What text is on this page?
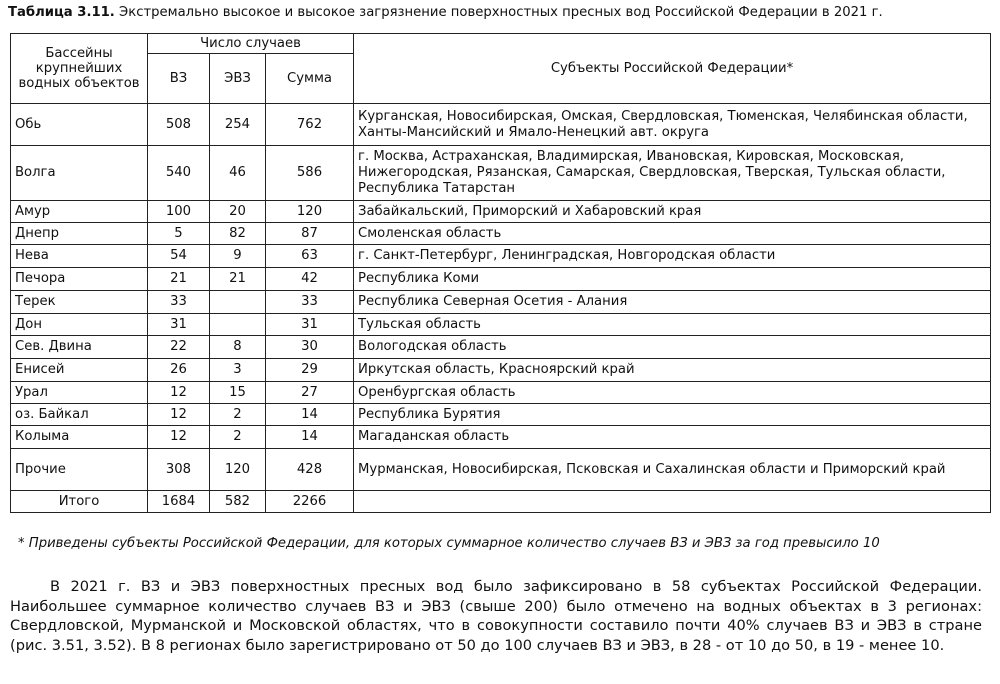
Таблица 3.11. Экстремально высокое и высокое загрязнение поверхностных пресных вод Российской Федерации в 2021 г.
Бассейны крупнейших водных объектов	Число случаев			Субъекты Российской Федерации*
	ВЗ	ЭВЗ	Сумма	
Обь	508	254	762	Курганская, Новосибирская, Омская, Свердловская, Тюменская, Челябинская области, Ханты-Мансийский и Ямало-Ненецкий авт. округа
Волга	540	46	586	г. Москва, Астраханская, Владимирская, Ивановская, Кировская, Московская, Нижегородская, Рязанская, Самарская, Свердловская, Тверская, Тульская области, Республика Татарстан
Амур	100	20	120	Забайкальский, Приморский и Хабаровский края
Днепр	5	82	87	Смоленская область
Нева	54	9	63	г. Санкт-Петербург, Ленинградская, Новгородская области
Печора	21	21	42	Республика Коми
Терек	33		33	Республика Северная Осетия - Алания
Дон	31		31	Тульская область
Сев. Двина	22	8	30	Вологодская область
Енисей	26	3	29	Иркутская область, Красноярский край
Урал	12	15	27	Оренбургская область
оз. Байкал	12	2	14	Республика Бурятия
Колыма	12	2	14	Магаданская область
Прочие	308	120	428	Мурманская, Новосибирская, Псковская и Сахалинская области и Приморский край
Итого	1684	582	2266	
* Приведены субъекты Российской Федерации, для которых суммарное количество случаев ВЗ и ЭВЗ за год превысило 10

В 2021 г. ВЗ и ЭВЗ поверхностных пресных вод было зафиксировано в 58 субъектах Российской Федерации. Наибольшее суммарное количество случаев ВЗ и ЭВЗ (свыше 200) было отмечено на водных объектах в 3 регионах: Свердловской, Мурманской и Московской областях, что в совокупности составило почти 40% случаев ВЗ и ЭВЗ в стране (рис. 3.51, 3.52). В 8 регионах было зарегистрировано от 50 до 100 случаев ВЗ и ЭВЗ, в 28 - от 10 до 50, в 19 - менее 10.
